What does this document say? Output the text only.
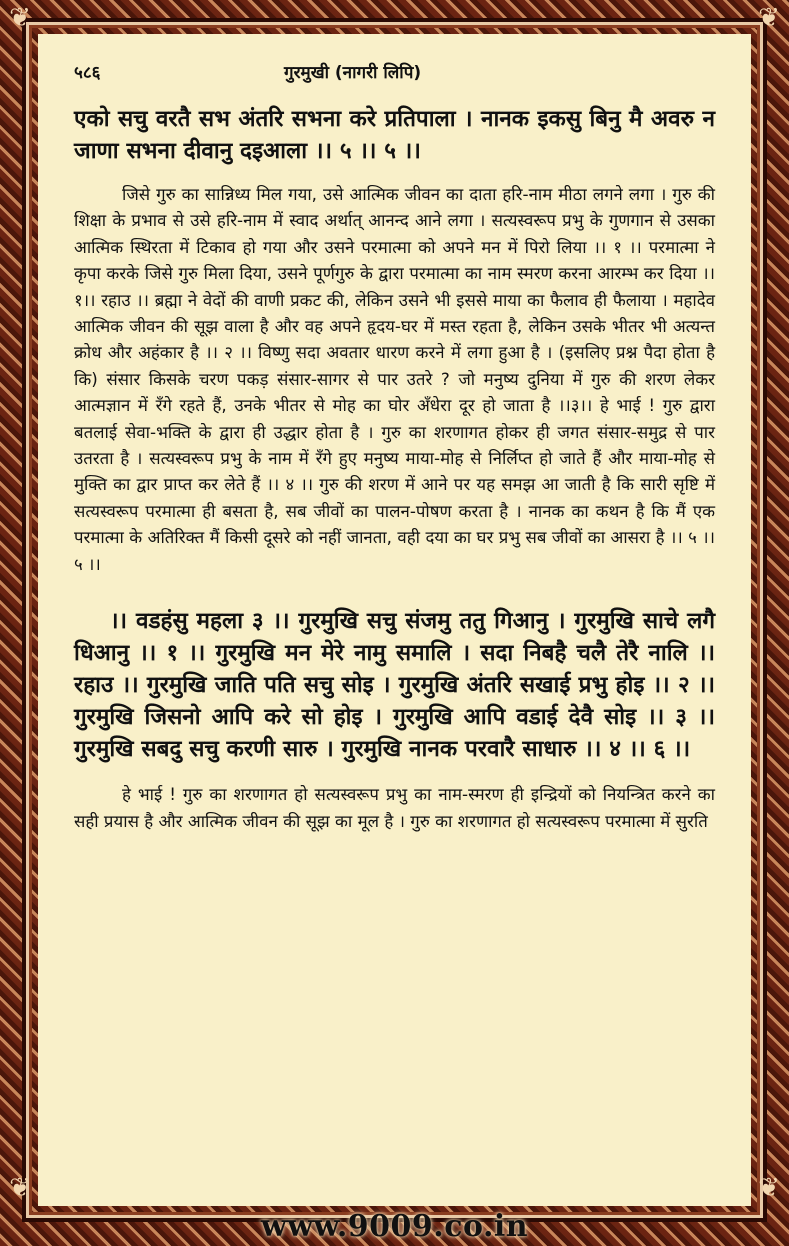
❦	❦
❦	❦
५८६	गुरमुखी (नागरी लिपि)

एको सचु वरतै सभ अंतरि सभना करे प्रतिपाला । नानक इकसु बिनु मै अवरु न जाणा सभना दीवानु दइआला ।। ५ ।। ५ ।।

जिसे गुरु का सान्निध्य मिल गया, उसे आत्मिक जीवन का दाता हरि-नाम मीठा लगने लगा । गुरु की शिक्षा के प्रभाव से उसे हरि-नाम में स्वाद अर्थात् आनन्द आने लगा । सत्यस्वरूप प्रभु के गुणगान से उसका आत्मिक स्थिरता में टिकाव हो गया और उसने परमात्मा को अपने मन में पिरो लिया ।। १ ।। परमात्मा ने कृपा करके जिसे गुरु मिला दिया, उसने पूर्णगुरु के द्वारा परमात्मा का नाम स्मरण करना आरम्भ कर दिया ।।१।। रहाउ ।। ब्रह्मा ने वेदों की वाणी प्रकट की, लेकिन उसने भी इससे माया का फैलाव ही फैलाया । महादेव आत्मिक जीवन की सूझ वाला है और वह अपने हृदय-घर में मस्त रहता है, लेकिन उसके भीतर भी अत्यन्त क्रोध और अहंकार है ।। २ ।। विष्णु सदा अवतार धारण करने में लगा हुआ है । (इसलिए प्रश्न पैदा होता है कि) संसार किसके चरण पकड़ संसार-सागर से पार उतरे ? जो मनुष्य दुनिया में गुरु की शरण लेकर आत्मज्ञान में रँगे रहते हैं, उनके भीतर से मोह का घोर अँधेरा दूर हो जाता है ।।३।। हे भाई ! गुरु द्वारा बतलाई सेवा-भक्ति के द्वारा ही उद्धार होता है । गुरु का शरणागत होकर ही जगत संसार-समुद्र से पार उतरता है । सत्यस्वरूप प्रभु के नाम में रँगे हुए मनुष्य माया-मोह से निर्लिप्त हो जाते हैं और माया-मोह से मुक्ति का द्वार प्राप्त कर लेते हैं ।। ४ ।। गुरु की शरण में आने पर यह समझ आ जाती है कि सारी सृष्टि में सत्यस्वरूप परमात्मा ही बसता है, सब जीवों का पालन-पोषण करता है । नानक का कथन है कि मैं एक परमात्मा के अतिरिक्त मैं किसी दूसरे को नहीं जानता, वही दया का घर प्रभु सब जीवों का आसरा है ।। ५ ।। ५ ।।

।। वडहंसु महला ३ ।। गुरमुखि सचु संजमु ततु गिआनु । गुरमुखि साचे लगै धिआनु ।। १ ।। गुरमुखि मन मेरे नामु समालि । सदा निबहै चलै तेरै नालि ।। रहाउ ।। गुरमुखि जाति पति सचु सोइ । गुरमुखि अंतरि सखाई प्रभु होइ ।। २ ।। गुरमुखि जिसनो आपि करे सो होइ । गुरमुखि आपि वडाई देवै सोइ ।। ३ ।। गुरमुखि सबदु सचु करणी सारु । गुरमुखि नानक परवारै साधारु ।। ४ ।। ६ ।।

हे भाई ! गुरु का शरणागत हो सत्यस्वरूप प्रभु का नाम-स्मरण ही इन्द्रियों को नियन्त्रित करने का सही प्रयास है और आत्मिक जीवन की सूझ का मूल है । गुरु का शरणागत हो सत्यस्वरूप परमात्मा में सुरति

www.9009.co.in
